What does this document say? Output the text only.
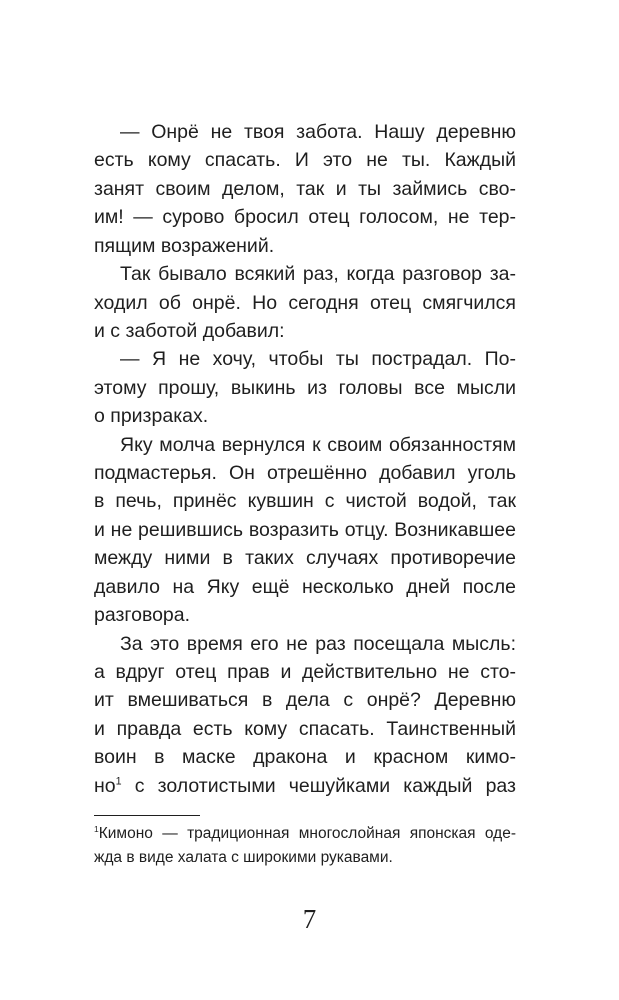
— Онрё не твоя забота. Нашу деревню
есть кому спасать. И это не ты. Каждый
занят своим делом, так и ты займись сво-
им! — сурово бросил отец голосом, не тер-
пящим возражений.
Так бывало всякий раз, когда разговор за-
ходил об онрё. Но сегодня отец смягчился
и с заботой добавил:
— Я не хочу, чтобы ты пострадал. По-
этому прошу, выкинь из головы все мысли
о призраках.
Яку молча вернулся к своим обязанностям
подмастерья. Он отрешённо добавил уголь
в печь, принёс кувшин с чистой водой, так
и не решившись возразить отцу. Возникавшее
между ними в таких случаях противоречие
давило на Яку ещё несколько дней после
разговора.
За это время его не раз посещала мысль:
а вдруг отец прав и действительно не сто-
ит вмешиваться в дела с онрё? Деревню
и правда есть кому спасать. Таинственный
воин в маске дракона и красном кимо-
$но^1$ с золотистыми чешуйками каждый раз
$^1$Кимоно — традиционная многослойная японская оде-
жда в виде халата с широкими рукавами.
7
